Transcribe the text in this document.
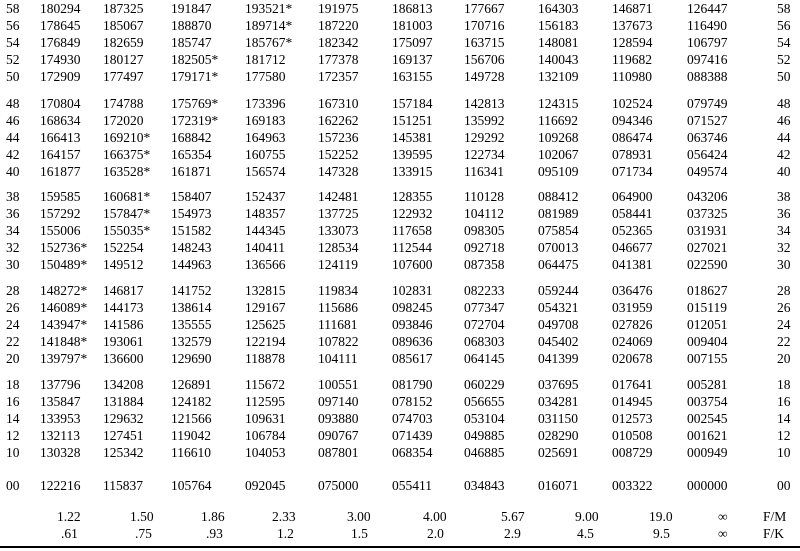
58 180294 187325 191847 193521* 191975 186813 177667 164303 146871	126447	58
56 178645 185067 188870 189714* 187220 181003 170716 156183 137673	116490	56
54 176849 182659 185747 185767* 182342 175097 163715 148081 128594	106797	54
52 174930 180127 182505* 181712 177378 169137 156706 140043 119682	097416	52
50 172909 177497 179171* 177580 172357 163155 149728 132109 110980	088388	50
48 170804 174788 175769* 173396 167310 157184 142813 124315 102524	079749	48
46 168634 172020 172319* 169183 162262 151251 135992 116692	094346	071527	46
44 166413 169210* 168842 164963 157236 145381 129292 109268 086474	063746	44
42 164157 166375* 165354 160755 152252 139595 122734 102067 078931	056424	42
40 161877 163528* 161871 156574 147328 133915 116341	095109 071734	049574	40
38 159585 160681* 158407 152437 142481 128355 110128	088412 064900	043206	38
36 157292 157847* 154973 148357 137725 122932 104112	081989 058441	037325	36
34 155006 155035* 151582 144345 133073 117658 098305 075854 052365	031931	34
32 152736* 152254 148243 140411 128534 112544 092718 070013 046677	027021	32
30 150489* 149512 144963 136566 124119	107600 087358 064475 041381	022590	30
28 148272* 146817 141752 132815 119834	102831 082233 059244 036476	018627	28
26 146089* 144173 138614 129167 115686	098245 077347 054321 031959	015119	26
24 143947* 141586 135555 125625 111681	093846 072704 049708 027826	012051	24
22 141848* 193061 132579 122194 107822 089636 068303 045402 024069	009404	22
20 139797* 136600 129690 118878 104111	085617 064145 041399 020678	007155	20
18 137796 134208 126891 115672 100551 081790 060229 037695 017641	005281	18
16 135847 131884 124182 112595 097140 078152 056655 034281 014945	003754	16
14 133953 129632 121566 109631 093880 074703 053104 031150	012573	002545	14
12 132113 127451 119042	106784 090767 071439 049885 028290 010508	001621	12
10 130328 125342 116610	104053 087801 068354 046885 025691 008729	000949	10
00 122216 115837 105764 092045 075000 055411 034843 016071 003322	000000	00
1.22	1.50	1.86	2.33	3.00	4.00	5.67	9.00	19.0	∞	F/M
.61	.75	.93	1.2	1.5	2.0	2.9	4.5	9.5	∞	F/K
